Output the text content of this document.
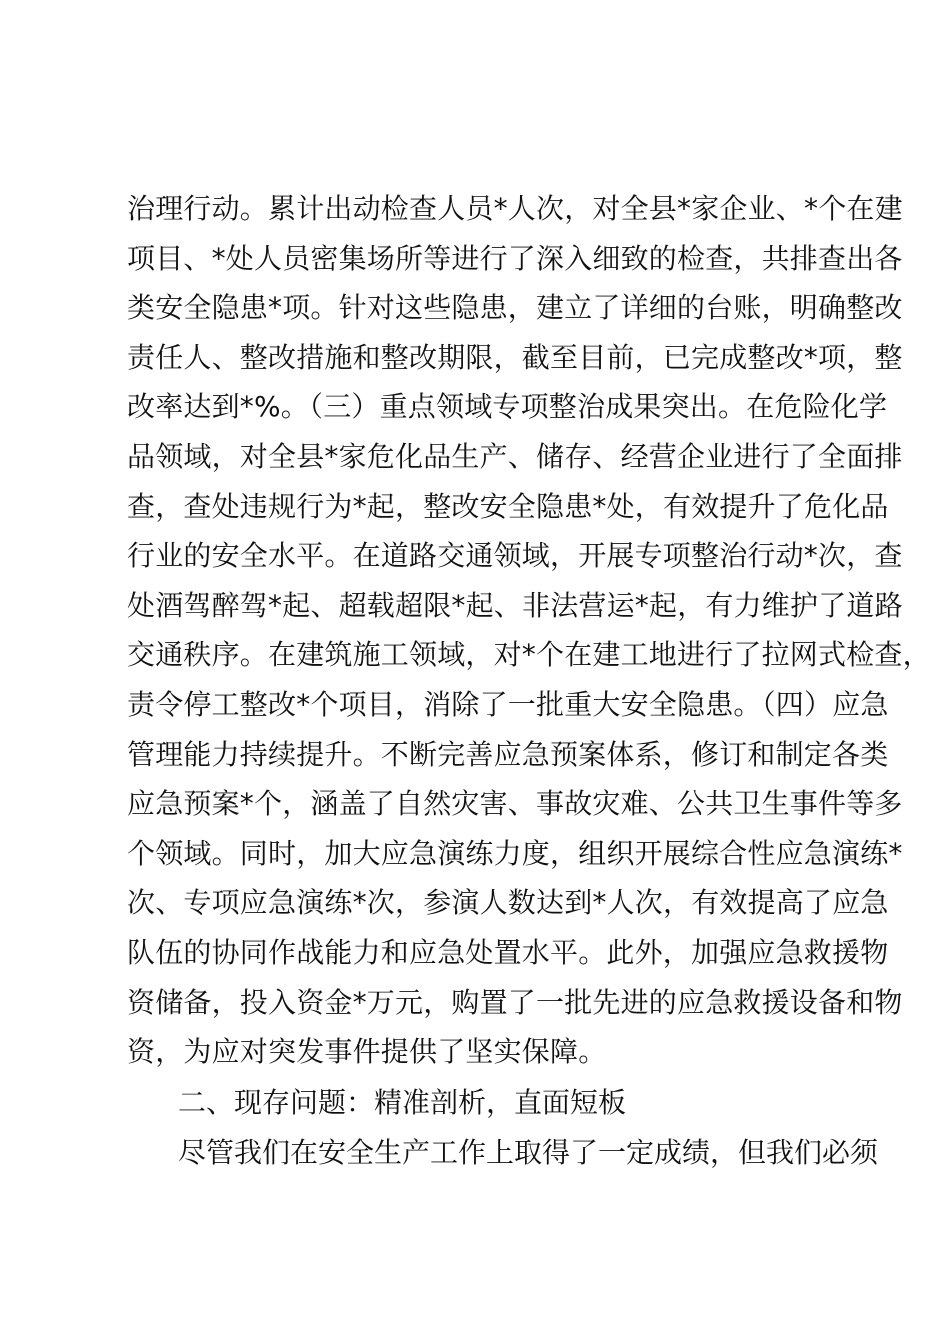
治理行动。累计出动检查人员*人次，对全县*家企业、*个在建
项目、*处人员密集场所等进行了深入细致的检查，共排查出各
类安全隐患*项。针对这些隐患，建立了详细的台账，明确整改
责任人、整改措施和整改期限，截至目前，已完成整改*项，整
改率达到*%。（三）重点领域专项整治成果突出。在危险化学
品领域，对全县*家危化品生产、储存、经营企业进行了全面排
查，查处违规行为*起，整改安全隐患*处，有效提升了危化品
行业的安全水平。在道路交通领域，开展专项整治行动*次，查
处酒驾醉驾*起、超载超限*起、非法营运*起，有力维护了道路
交通秩序。在建筑施工领域，对*个在建工地进行了拉网式检查，
责令停工整改*个项目，消除了一批重大安全隐患。（四）应急
管理能力持续提升。不断完善应急预案体系，修订和制定各类
应急预案*个，涵盖了自然灾害、事故灾难、公共卫生事件等多
个领域。同时，加大应急演练力度，组织开展综合性应急演练*
次、专项应急演练*次，参演人数达到*人次，有效提高了应急
队伍的协同作战能力和应急处置水平。此外，加强应急救援物
资储备，投入资金*万元，购置了一批先进的应急救援设备和物
资，为应对突发事件提供了坚实保障。
二、现存问题：精准剖析，直面短板
尽管我们在安全生产工作上取得了一定成绩，但我们必须
